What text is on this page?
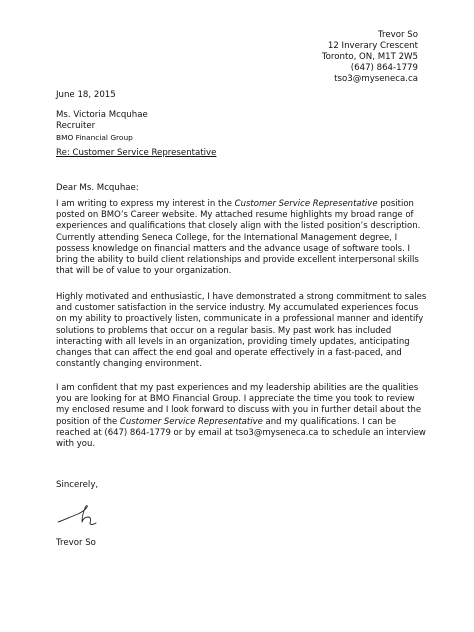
Trevor So
12 Inverary Crescent
Toronto, ON, M1T 2W5
(647) 864-1779
tso3@myseneca.ca
June 18, 2015
Ms. Victoria Mcquhae
Recruiter
BMO Financial Group
Re: Customer Service Representative
Dear Ms. Mcquhae:

I am writing to express my interest in the Customer Service Representative position posted on BMO’s Career website. My attached resume highlights my broad range of experiences and qualifications that closely align with the listed position’s description. Currently attending Seneca College, for the International Management degree, I possess knowledge on financial matters and the advance usage of software tools. I bring the ability to build client relationships and provide excellent interpersonal skills that will be of value to your organization.

Highly motivated and enthusiastic, I have demonstrated a strong commitment to sales and customer satisfaction in the service industry. My accumulated experiences focus on my ability to proactively listen, communicate in a professional manner and identify solutions to problems that occur on a regular basis. My past work has included interacting with all levels in an organization, providing timely updates, anticipating changes that can affect the end goal and operate effectively in a fast-paced, and constantly changing environment.

I am confident that my past experiences and my leadership abilities are the qualities you are looking for at BMO Financial Group. I appreciate the time you took to review my enclosed resume and I look forward to discuss with you in further detail about the position of the Customer Service Representative and my qualifications. I can be reached at (647) 864-1779 or by email at tso3@myseneca.ca to schedule an interview with you.

Sincerely,
Trevor So
